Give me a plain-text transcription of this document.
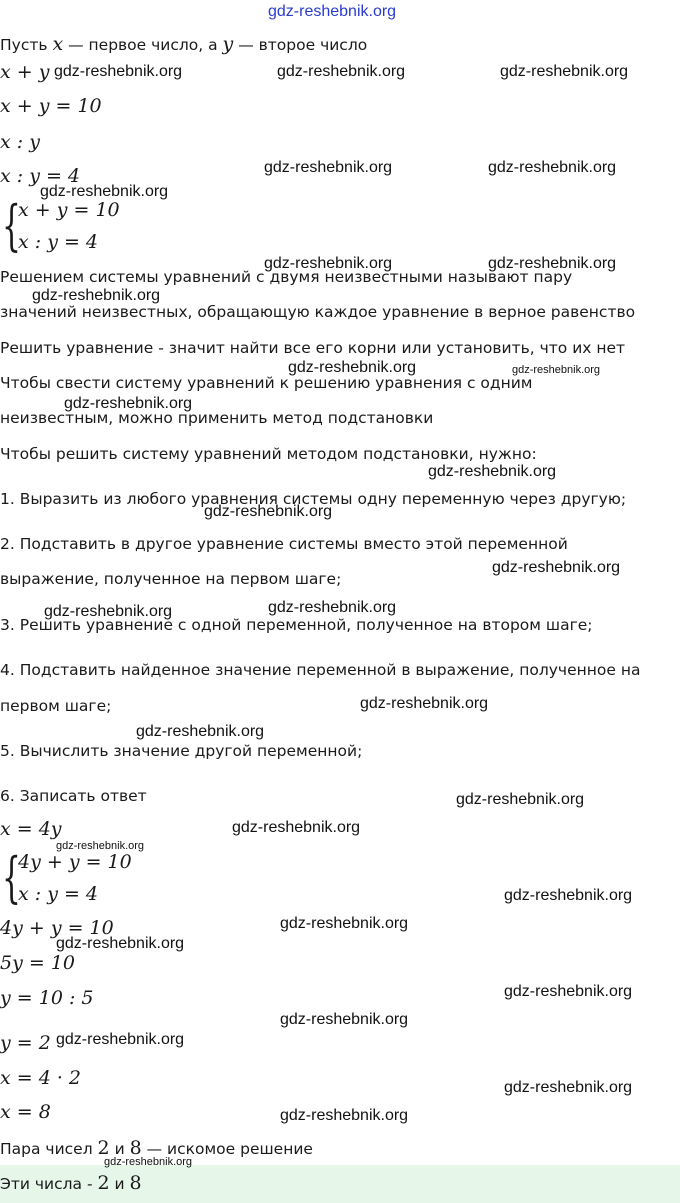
gdz-reshebnik.org
Пусть x — первое число, а y — второе число
x + y
x + y = 10
x : y
x : y = 4
{
x + y = 10
x : y = 4
Решением системы уравнений с двумя неизвестными называют пару
значений неизвестных, обращающую каждое уравнение в верное равенство
Решить уравнение - значит найти все его корни или установить, что их нет
Чтобы свести систему уравнений к решению уравнения с одним
неизвестным, можно применить метод подстановки
Чтобы решить систему уравнений методом подстановки, нужно:
1. Выразить из любого уравнения системы одну переменную через другую;
2. Подставить в другое уравнение системы вместо этой переменной
выражение, полученное на первом шаге;
3. Решить уравнение с одной переменной, полученное на втором шаге;
4. Подставить найденное значение переменной в выражение, полученное на
первом шаге;
5. Вычислить значение другой переменной;
6. Записать ответ
x = 4y
{
4y + y = 10
x : y = 4
4y + y = 10
5y = 10
y = 10 : 5
y = 2
x = 4 · 2
x = 8
Пара чисел 2 и 8 — искомое решение
Эти числа - 2 и 8
gdz-reshebnik.org	gdz-reshebnik.org	gdz-reshebnik.org
gdz-reshebnik.org	gdz-reshebnik.org
gdz-reshebnik.org
gdz-reshebnik.org	gdz-reshebnik.org
gdz-reshebnik.org
gdz-reshebnik.org	gdz-reshebnik.org
gdz-reshebnik.org
gdz-reshebnik.org
gdz-reshebnik.org
gdz-reshebnik.org
gdz-reshebnik.org
gdz-reshebnik.org
gdz-reshebnik.org
gdz-reshebnik.org
gdz-reshebnik.org
gdz-reshebnik.org
gdz-reshebnik.org
gdz-reshebnik.org
gdz-reshebnik.org
gdz-reshebnik.org
gdz-reshebnik.org
gdz-reshebnik.org
gdz-reshebnik.org
gdz-reshebnik.org
gdz-reshebnik.org
gdz-reshebnik.org
